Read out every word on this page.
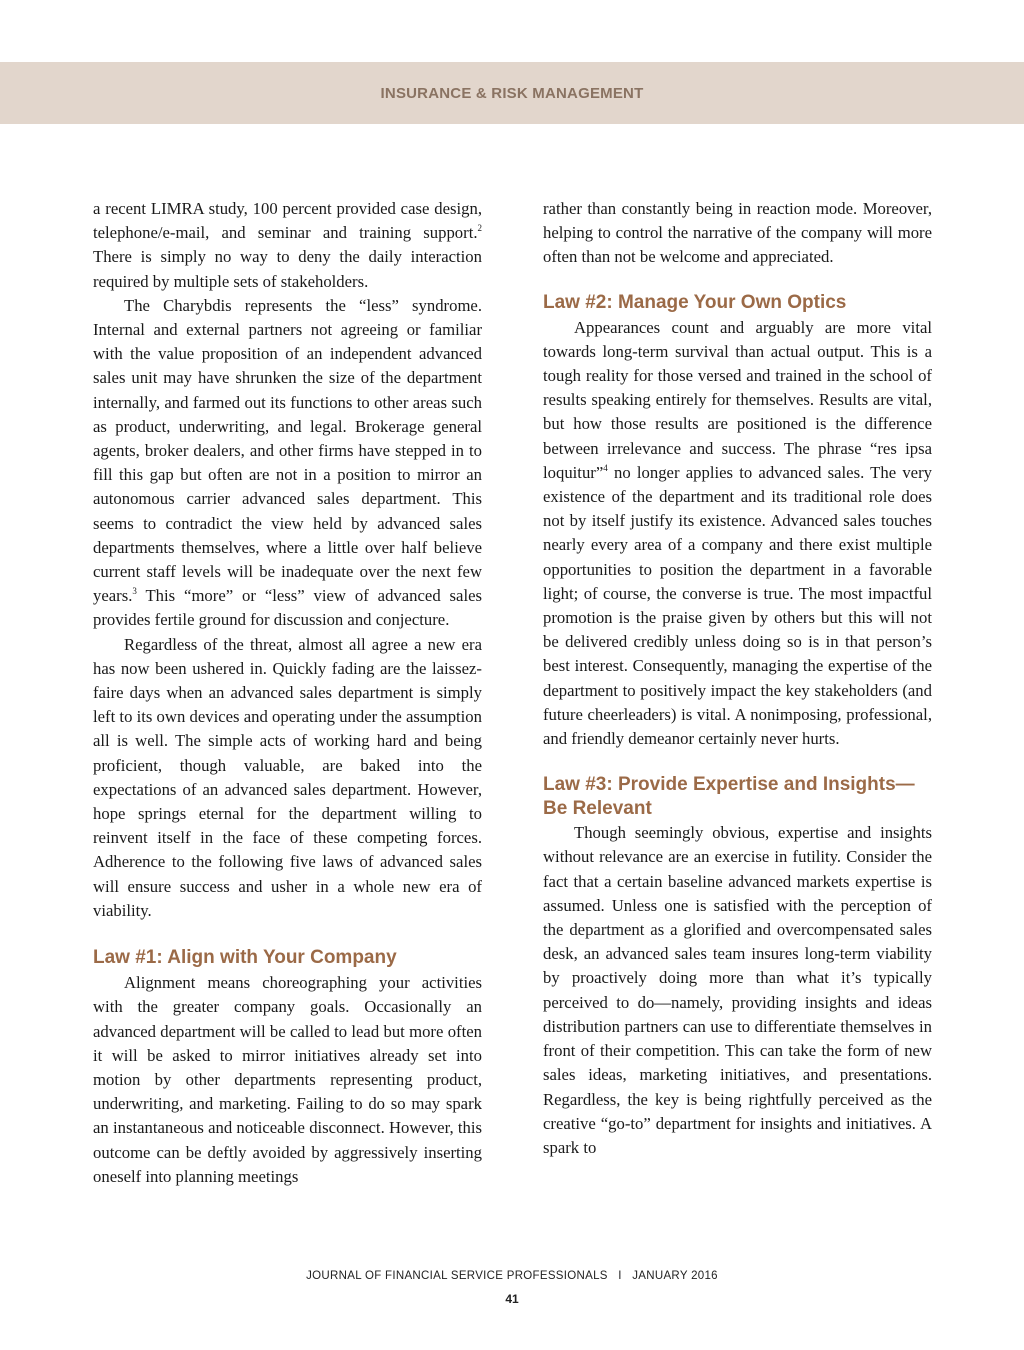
INSURANCE & RISK MANAGEMENT

a recent LIMRA study, 100 percent provided case design, telephone/e-mail, and seminar and training support.$^2$ There is simply no way to deny the daily interaction required by multiple sets of stakeholders.

The Charybdis represents the “less” syndrome. Internal and external partners not agreeing or familiar with the value proposition of an independent advanced sales unit may have shrunken the size of the department internally, and farmed out its functions to other areas such as product, underwriting, and legal. Brokerage general agents, broker dealers, and other firms have stepped in to fill this gap but often are not in a position to mirror an autonomous carrier advanced sales department. This seems to contradict the view held by advanced sales departments themselves, where a little over half believe current staff levels will be inadequate over the next few years.$^3$ This “more” or “less” view of advanced sales provides fertile ground for discussion and conjecture.

Regardless of the threat, almost all agree a new era has now been ushered in. Quickly fading are the laissez-faire days when an advanced sales department is simply left to its own devices and operating under the assumption all is well. The simple acts of working hard and being proficient, though valuable, are baked into the expectations of an advanced sales department. However, hope springs eternal for the department willing to reinvent itself in the face of these competing forces. Adherence to the following five laws of advanced sales will ensure success and usher in a whole new era of viability.

Law #1: Align with Your Company

Alignment means choreographing your activities with the greater company goals. Occasionally an advanced department will be called to lead but more often it will be asked to mirror initiatives already set into motion by other departments representing product, underwriting, and marketing. Failing to do so may spark an instantaneous and noticeable disconnect. However, this outcome can be deftly avoided by aggressively inserting oneself into planning meetings

rather than constantly being in reaction mode. Moreover, helping to control the narrative of the company will more often than not be welcome and appreciated.

Law #2: Manage Your Own Optics

Appearances count and arguably are more vital towards long-term survival than actual output. This is a tough reality for those versed and trained in the school of results speaking entirely for themselves. Results are vital, but how those results are positioned is the difference between irrelevance and success. The phrase “res ipsa loquitur”$^4$ no longer applies to advanced sales. The very existence of the department and its traditional role does not by itself justify its existence. Advanced sales touches nearly every area of a company and there exist multiple opportunities to position the department in a favorable light; of course, the converse is true. The most impactful promotion is the praise given by others but this will not be delivered credibly unless doing so is in that person’s best interest. Consequently, managing the expertise of the department to positively impact the key stakeholders (and future cheerleaders) is vital. A nonimposing, professional, and friendly demeanor certainly never hurts.

Law #3: Provide Expertise and Insights—
Be Relevant

Though seemingly obvious, expertise and insights without relevance are an exercise in futility. Consider the fact that a certain baseline advanced markets expertise is assumed. Unless one is satisfied with the perception of the department as a glorified and overcompensated sales desk, an advanced sales team insures long-term viability by proactively doing more than what it’s typically perceived to do—namely, providing insights and ideas distribution partners can use to differentiate themselves in front of their competition. This can take the form of new sales ideas, marketing initiatives, and presentations. Regardless, the key is being rightfully perceived as the creative “go-to” department for insights and initiatives. A spark to

JOURNAL OF FINANCIAL SERVICE PROFESSIONALS   I   JANUARY 2016
41
